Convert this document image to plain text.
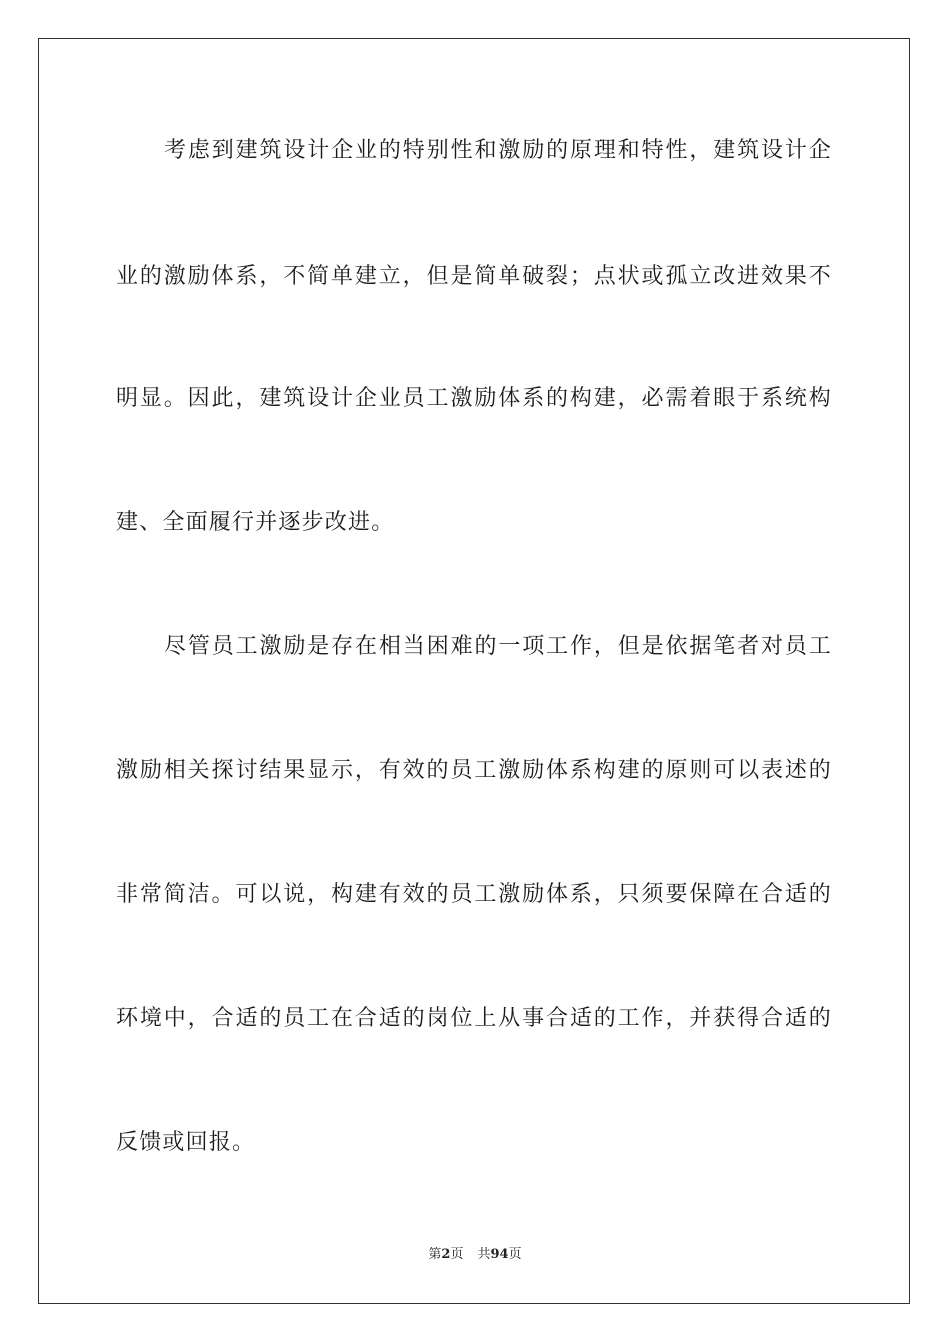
考虑到建筑设计企业的特别性和激励的原理和特性，建筑设计企
业的激励体系，不简单建立，但是简单破裂；点状或孤立改进效果不
明显。因此，建筑设计企业员工激励体系的构建，必需着眼于系统构
建、全面履行并逐步改进。
尽管员工激励是存在相当困难的一项工作，但是依据笔者对员工
激励相关探讨结果显示，有效的员工激励体系构建的原则可以表述的
非常简洁。可以说，构建有效的员工激励体系，只须要保障在合适的
环境中，合适的员工在合适的岗位上从事合适的工作，并获得合适的
反馈或回报。
第2页 共94页
